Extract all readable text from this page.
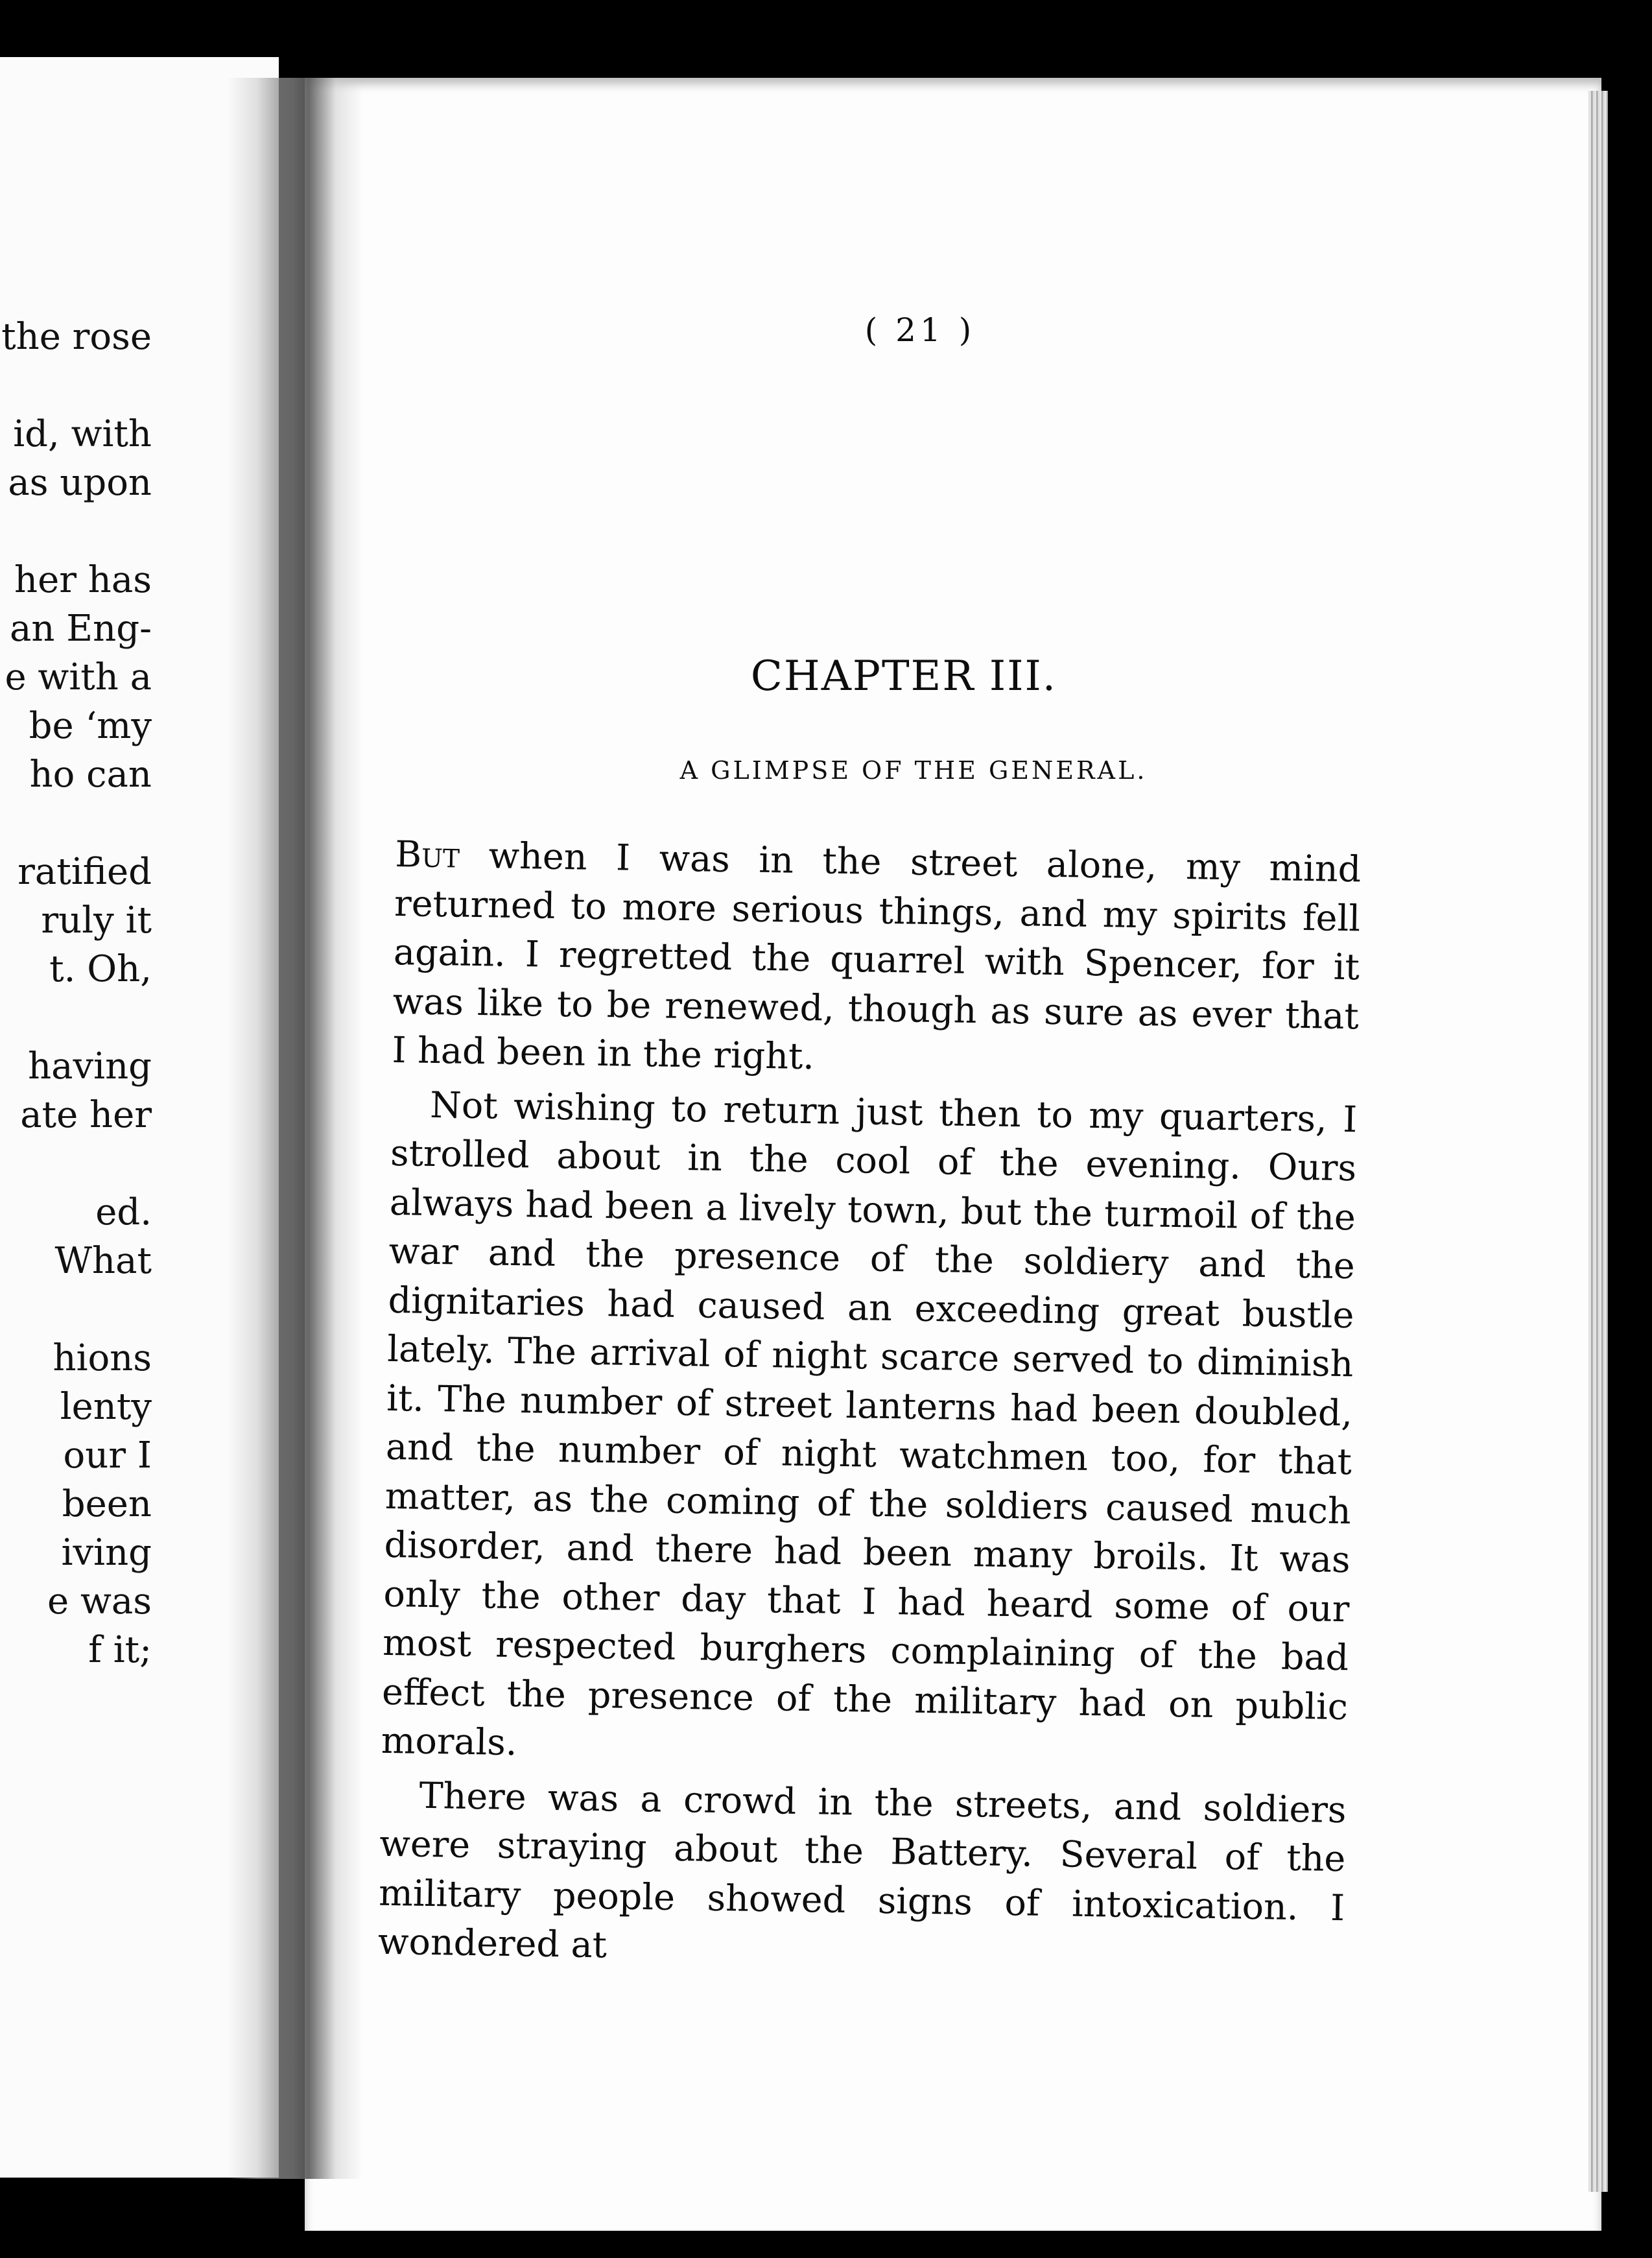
the rose
id, with
as upon
her has
an Eng-
e with a
be ‘my
ho can
ratified
ruly it
t. Oh,
having
ate her
ed.
What
hions
lenty
our I
been
iving
e was
f it;
( 21 )
CHAPTER III.
A GLIMPSE OF THE GENERAL.

But when I was in the street alone, my mind returned to more serious things, and my spirits fell again. I regretted the quarrel with Spencer, for it was like to be renewed, though as sure as ever that I had been in the right.

Not wishing to return just then to my quarters, I strolled about in the cool of the evening. Ours always had been a lively town, but the turmoil of the war and the presence of the soldiery and the dignitaries had caused an exceeding great bustle lately. The arrival of night scarce served to diminish it. The number of street lanterns had been doubled, and the number of night watchmen too, for that matter, as the coming of the soldiers caused much disorder, and there had been many broils. It was only the other day that I had heard some of our most respected burghers complaining of the bad effect the presence of the military had on public morals.

There was a crowd in the streets, and soldiers were straying about the Battery. Several of the military people showed signs of intoxication. I wondered at
